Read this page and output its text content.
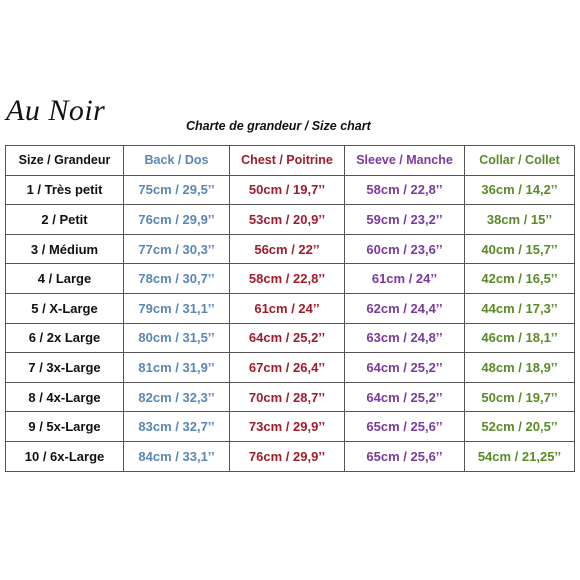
Au Noir	Charte de grandeur / Size chart
Size / Grandeur	Back / Dos	Chest / Poitrine	Sleeve / Manche	Collar / Collet
1 / Très petit	75cm / 29,5’’	50cm / 19,7’’	58cm / 22,8’’	36cm / 14,2’’
2 / Petit	76cm / 29,9’’	53cm / 20,9’’	59cm / 23,2’’	38cm / 15’’
3 / Médium	77cm / 30,3’’	56cm / 22’’	60cm / 23,6’’	40cm / 15,7’’
4 / Large	78cm / 30,7’’	58cm / 22,8’’	61cm / 24’’	42cm / 16,5’’
5 / X-Large	79cm / 31,1’’	61cm / 24’’	62cm / 24,4’’	44cm / 17,3’’
6 / 2x Large	80cm / 31,5’’	64cm / 25,2’’	63cm / 24,8’’	46cm / 18,1’’
7 / 3x-Large	81cm / 31,9’’	67cm / 26,4’’	64cm / 25,2’’	48cm / 18,9’’
8 / 4x-Large	82cm / 32,3’’	70cm / 28,7’’	64cm / 25,2’’	50cm / 19,7’’
9 / 5x-Large	83cm / 32,7’’	73cm / 29,9’’	65cm / 25,6’’	52cm / 20,5’’
10 / 6x-Large	84cm / 33,1’’	76cm / 29,9’’	65cm / 25,6’’	54cm / 21,25’’
